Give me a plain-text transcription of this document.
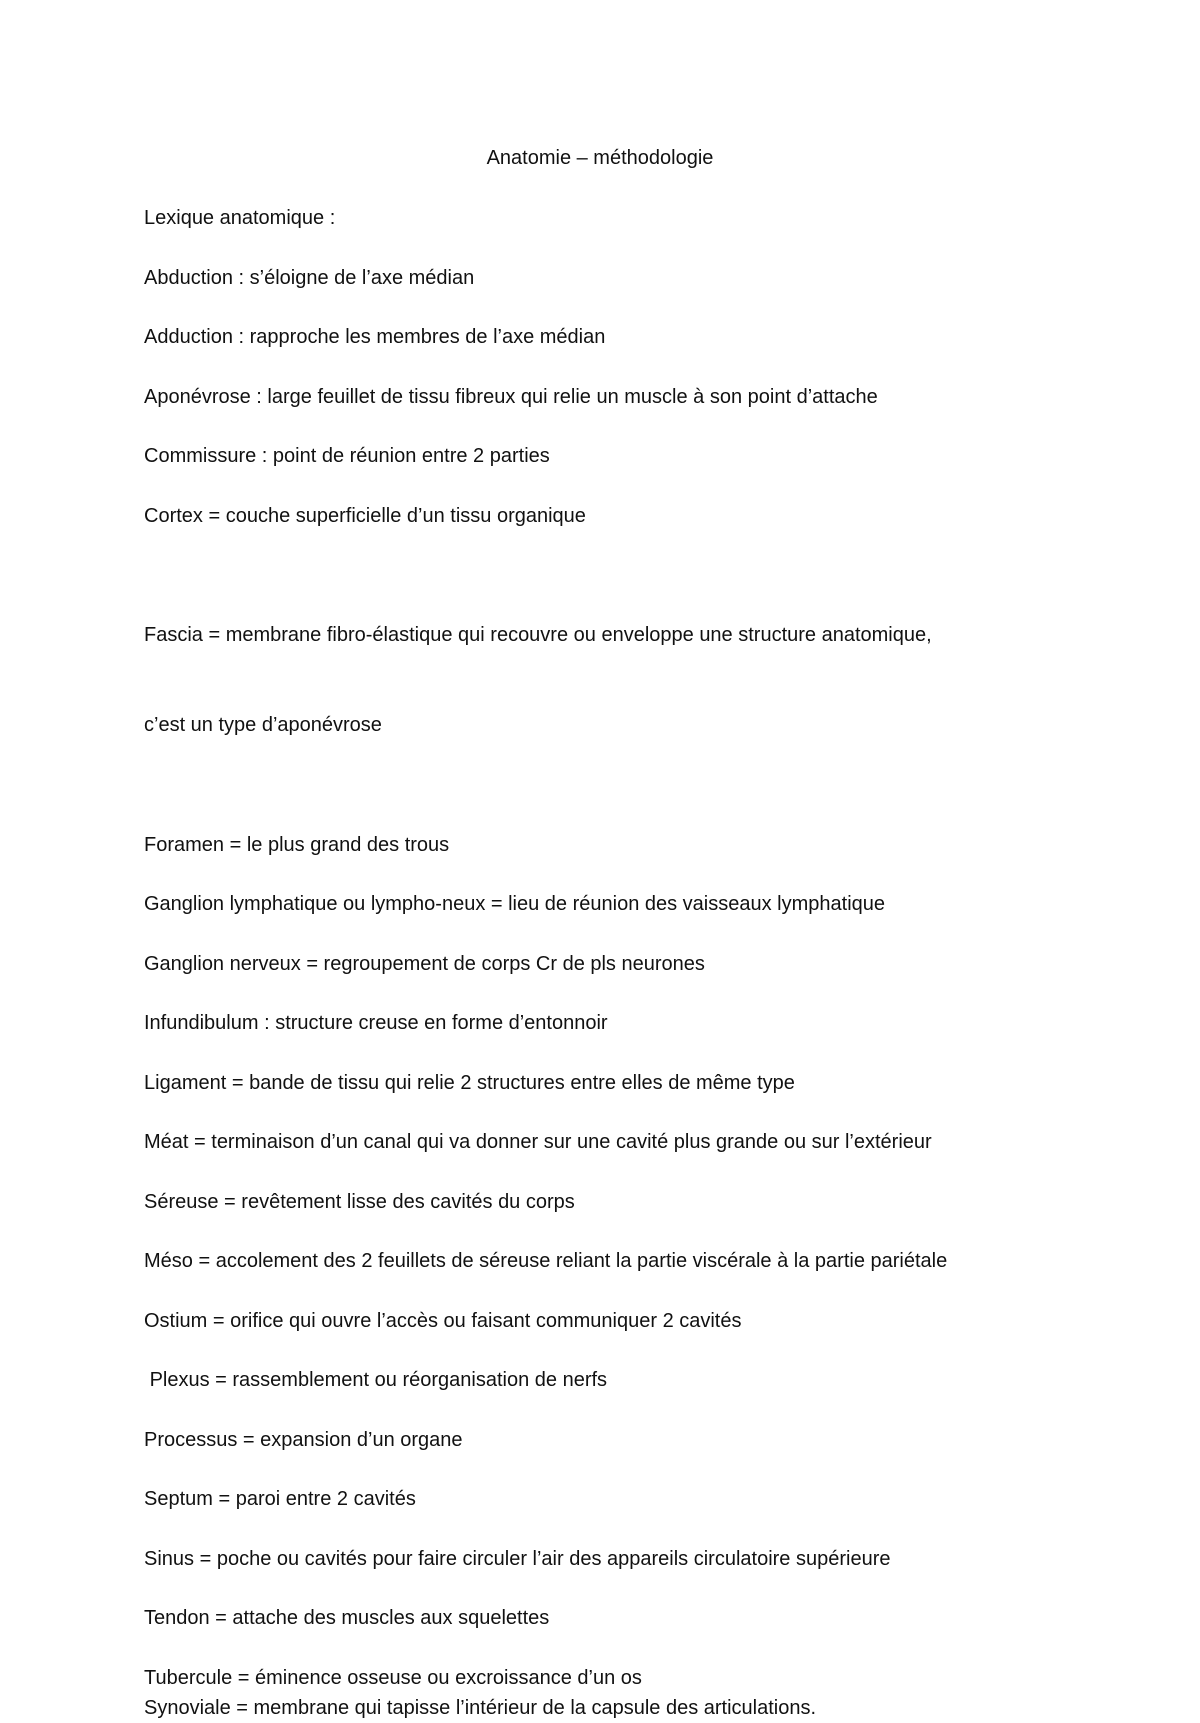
Anatomie – méthodologie

Lexique anatomique :

Abduction : s’éloigne de l’axe médian

Adduction : rapproche les membres de l’axe médian

Aponévrose : large feuillet de tissu fibreux qui relie un muscle à son point d’attache

Commissure : point de réunion entre 2 parties

Cortex = couche superficielle d’un tissu organique

Fascia = membrane fibro-élastique qui recouvre ou enveloppe une structure anatomique,

c’est un type d’aponévrose

Foramen = le plus grand des trous

Ganglion lymphatique ou lympho-neux = lieu de réunion des vaisseaux lymphatique

Ganglion nerveux = regroupement de corps Cr de pls neurones

Infundibulum : structure creuse en forme d’entonnoir

Ligament = bande de tissu qui relie 2 structures entre elles de même type

Méat = terminaison d’un canal qui va donner sur une cavité plus grande ou sur l’extérieur

Séreuse = revêtement lisse des cavités du corps

Méso = accolement des 2 feuillets de séreuse reliant la partie viscérale à la partie pariétale

Ostium = orifice qui ouvre l’accès ou faisant communiquer 2 cavités

Plexus = rassemblement ou réorganisation de nerfs

Processus = expansion d’un organe

Septum = paroi entre 2 cavités

Sinus = poche ou cavités pour faire circuler l’air des appareils circulatoire supérieure

Tendon = attache des muscles aux squelettes

Tubercule = éminence osseuse ou excroissance d’un os

Synoviale = membrane qui tapisse l’intérieur de la capsule des articulations.
